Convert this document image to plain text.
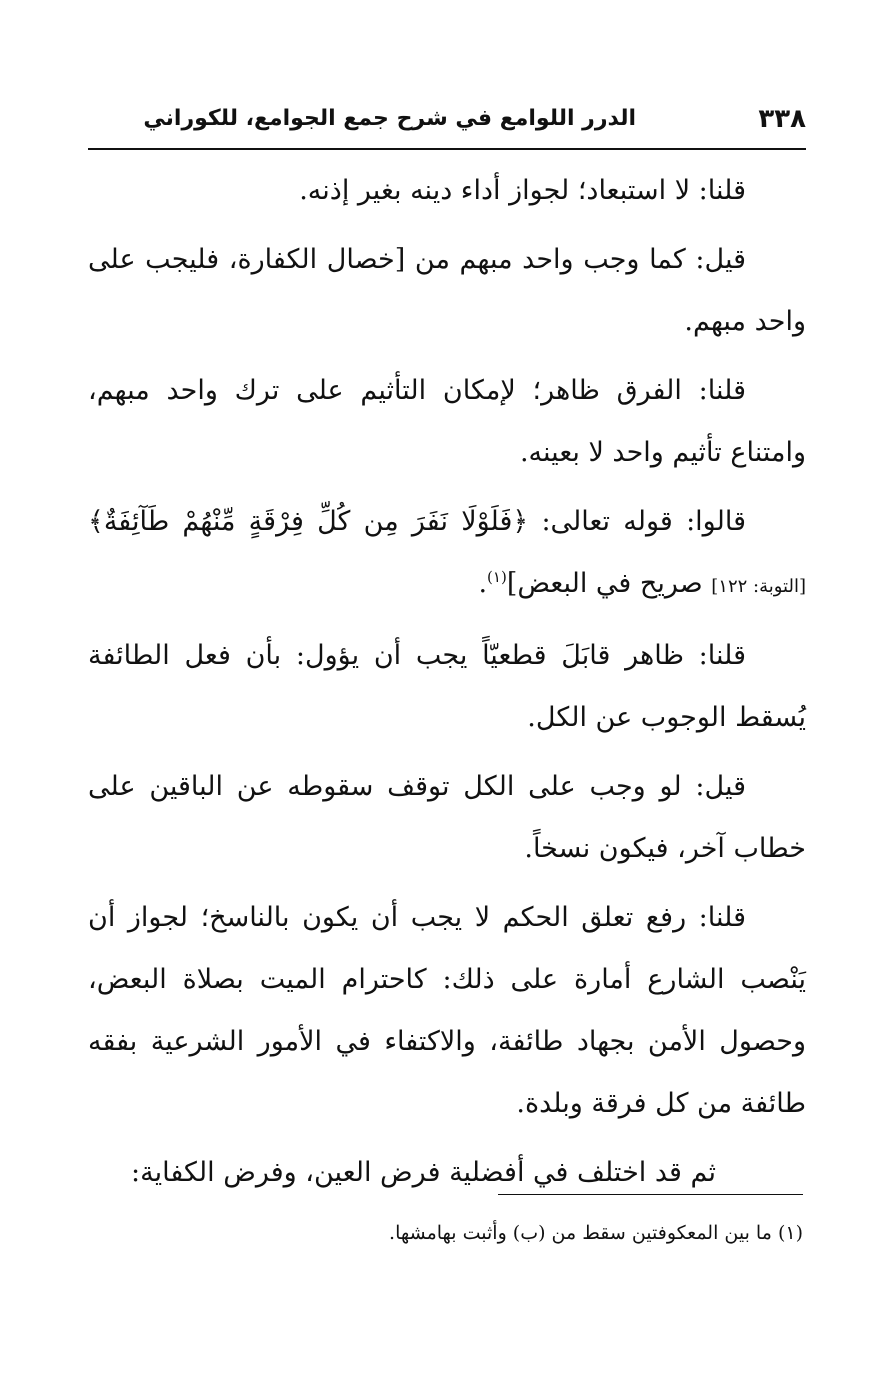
٣٣٨
الدرر اللوامع في شرح جمع الجوامع، للكوراني

قلنا: لا استبعاد؛ لجواز أداء دينه بغير إذنه.

قيل: كما وجب واحد مبهم من [خصال الكفارة، فليجب على واحد مبهم.

قلنا: الفرق ظاهر؛ لإمكان التأثيم على ترك واحد مبهم، وامتناع تأثيم واحد لا بعينه.

قالوا: قوله تعالى: ﴿فَلَوْلَا نَفَرَ مِن كُلِّ فِرْقَةٍ مِّنْهُمْ طَآئِفَةٌ﴾ [التوبة: ١٢٢] صريح في البعض]$^{(١)}$.

قلنا: ظاهر قابَلَ قطعيّاً يجب أن يؤول: بأن فعل الطائفة يُسقط الوجوب عن الكل.

قيل: لو وجب على الكل توقف سقوطه عن الباقين على خطاب آخر، فيكون نسخاً.

قلنا: رفع تعلق الحكم لا يجب أن يكون بالناسخ؛ لجواز أن يَنْصب الشارع أمارة على ذلك: كاحترام الميت بصلاة البعض، وحصول الأمن بجهاد طائفة، والاكتفاء في الأمور الشرعية بفقه طائفة من كل فرقة وبلدة.

ثم قد اختلف في أفضلية فرض العين، وفرض الكفاية:

(١) ما بين المعكوفتين سقط من (ب) وأثبت بهامشها.
